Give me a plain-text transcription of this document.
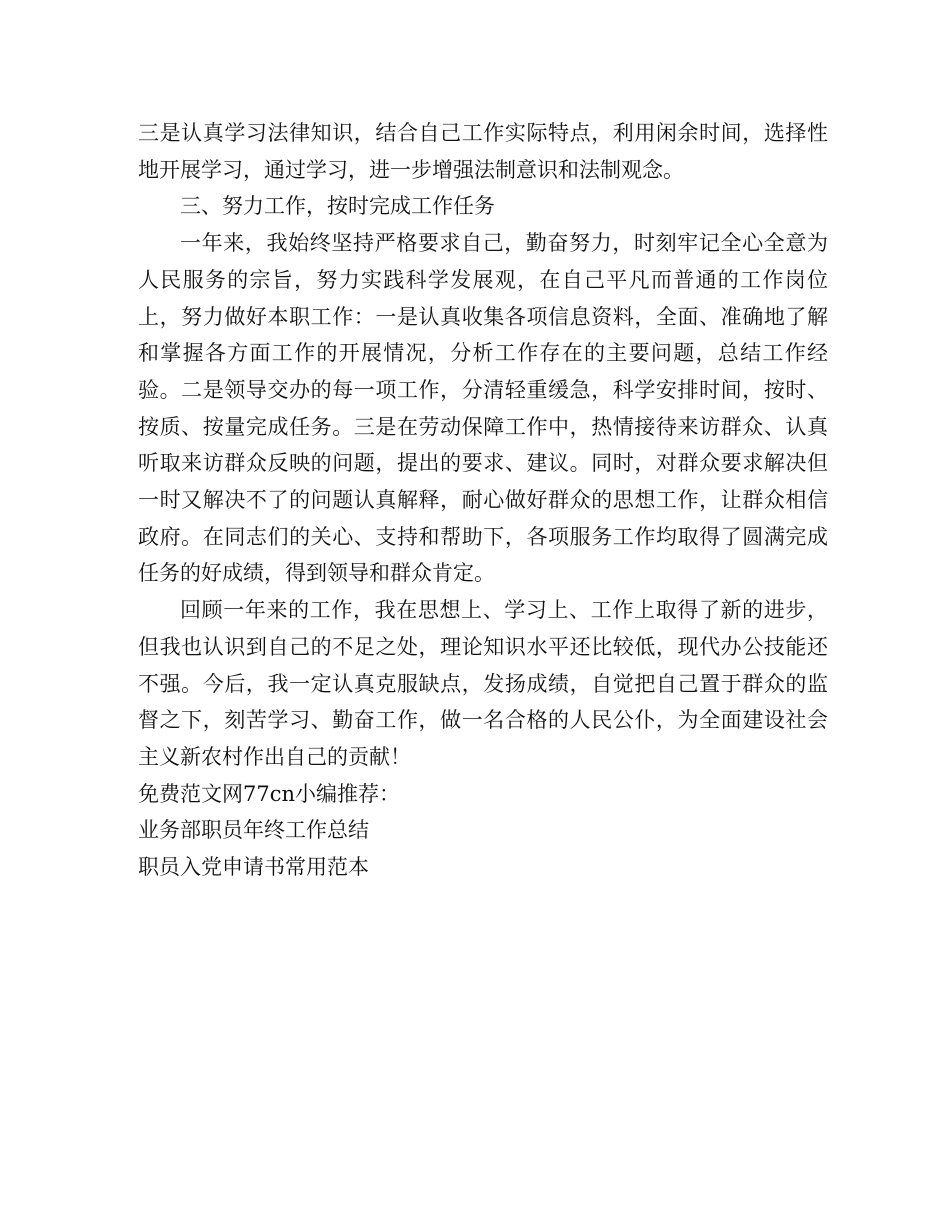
三是认真学习法律知识，结合自己工作实际特点，利用闲余时间，选择性地开展学习，通过学习，进一步增强法制意识和法制观念。

三、努力工作，按时完成工作任务

一年来，我始终坚持严格要求自己，勤奋努力，时刻牢记全心全意为人民服务的宗旨，努力实践科学发展观，在自己平凡而普通的工作岗位上，努力做好本职工作：一是认真收集各项信息资料，全面、准确地了解和掌握各方面工作的开展情况，分析工作存在的主要问题，总结工作经验。二是领导交办的每一项工作，分清轻重缓急，科学安排时间，按时、按质、按量完成任务。三是在劳动保障工作中，热情接待来访群众、认真听取来访群众反映的问题，提出的要求、建议。同时，对群众要求解决但一时又解决不了的问题认真解释，耐心做好群众的思想工作，让群众相信政府。在同志们的关心、支持和帮助下，各项服务工作均取得了圆满完成任务的好成绩，得到领导和群众肯定。

回顾一年来的工作，我在思想上、学习上、工作上取得了新的进步，但我也认识到自己的不足之处，理论知识水平还比较低，现代办公技能还不强。今后，我一定认真克服缺点，发扬成绩，自觉把自己置于群众的监督之下，刻苦学习、勤奋工作，做一名合格的人民公仆，为全面建设社会主义新农村作出自己的贡献！

免费范文网77cn小编推荐：

业务部职员年终工作总结

职员入党申请书常用范本
